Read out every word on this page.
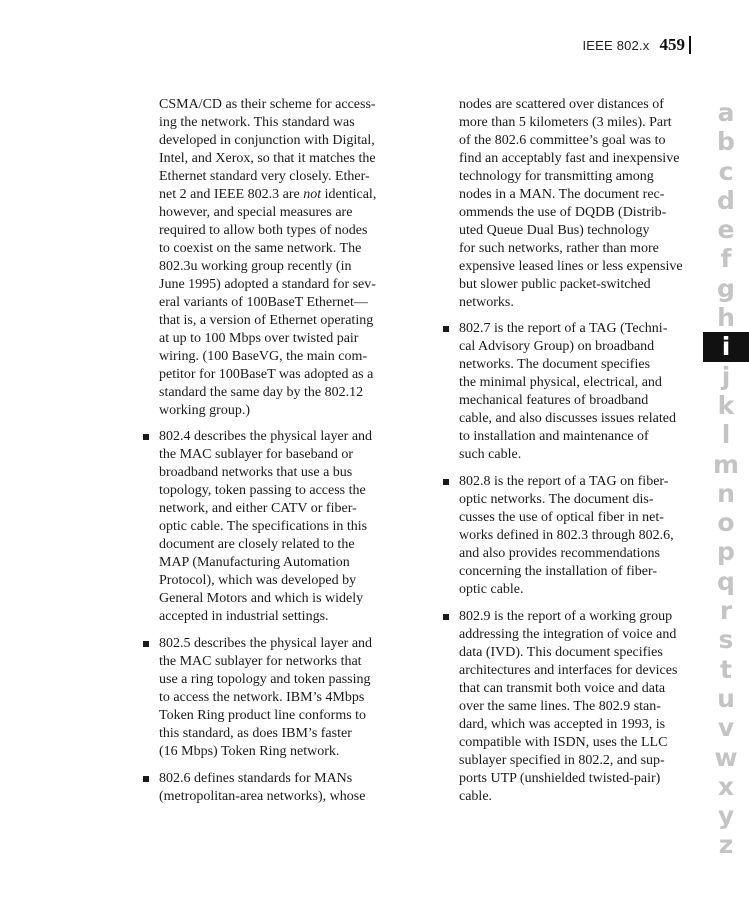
IEEE 802.x 459
CSMA/CD as their scheme for access-
ing the network. This standard was
developed in conjunction with Digital,
Intel, and Xerox, so that it matches the
Ethernet standard very closely. Ether-
net 2 and IEEE 802.3 are not identical,
however, and special measures are
required to allow both types of nodes
to coexist on the same network. The
802.3u working group recently (in
June 1995) adopted a standard for sev-
eral variants of 100BaseT Ethernet—
that is, a version of Ethernet operating
at up to 100 Mbps over twisted pair
wiring. (100 BaseVG, the main com-
petitor for 100BaseT was adopted as a
standard the same day by the 802.12
working group.)
802.4 describes the physical layer and
the MAC sublayer for baseband or
broadband networks that use a bus
topology, token passing to access the
network, and either CATV or fiber-
optic cable. The specifications in this
document are closely related to the
MAP (Manufacturing Automation
Protocol), which was developed by
General Motors and which is widely
accepted in industrial settings.
802.5 describes the physical layer and
the MAC sublayer for networks that
use a ring topology and token passing
to access the network. IBM’s 4Mbps
Token Ring product line conforms to
this standard, as does IBM’s faster
(16 Mbps) Token Ring network.
802.6 defines standards for MANs
(metropolitan-area networks), whose
nodes are scattered over distances of
more than 5 kilometers (3 miles). Part
of the 802.6 committee’s goal was to
find an acceptably fast and inexpensive
technology for transmitting among
nodes in a MAN. The document rec-
ommends the use of DQDB (Distrib-
uted Queue Dual Bus) technology
for such networks, rather than more
expensive leased lines or less expensive
but slower public packet-switched
networks.
802.7 is the report of a TAG (Techni-
cal Advisory Group) on broadband
networks. The document specifies
the minimal physical, electrical, and
mechanical features of broadband
cable, and also discusses issues related
to installation and maintenance of
such cable.
802.8 is the report of a TAG on fiber-
optic networks. The document dis-
cusses the use of optical fiber in net-
works defined in 802.3 through 802.6,
and also provides recommendations
concerning the installation of fiber-
optic cable.
802.9 is the report of a working group
addressing the integration of voice and
data (IVD). This document specifies
architectures and interfaces for devices
that can transmit both voice and data
over the same lines. The 802.9 stan-
dard, which was accepted in 1993, is
compatible with ISDN, uses the LLC
sublayer specified in 802.2, and sup-
ports UTP (unshielded twisted-pair)
cable.
a
b
c
d
e
f
g
h
i
j
k
l
m
n
o
p
q
r
s
t
u
v
w
x
y
z
